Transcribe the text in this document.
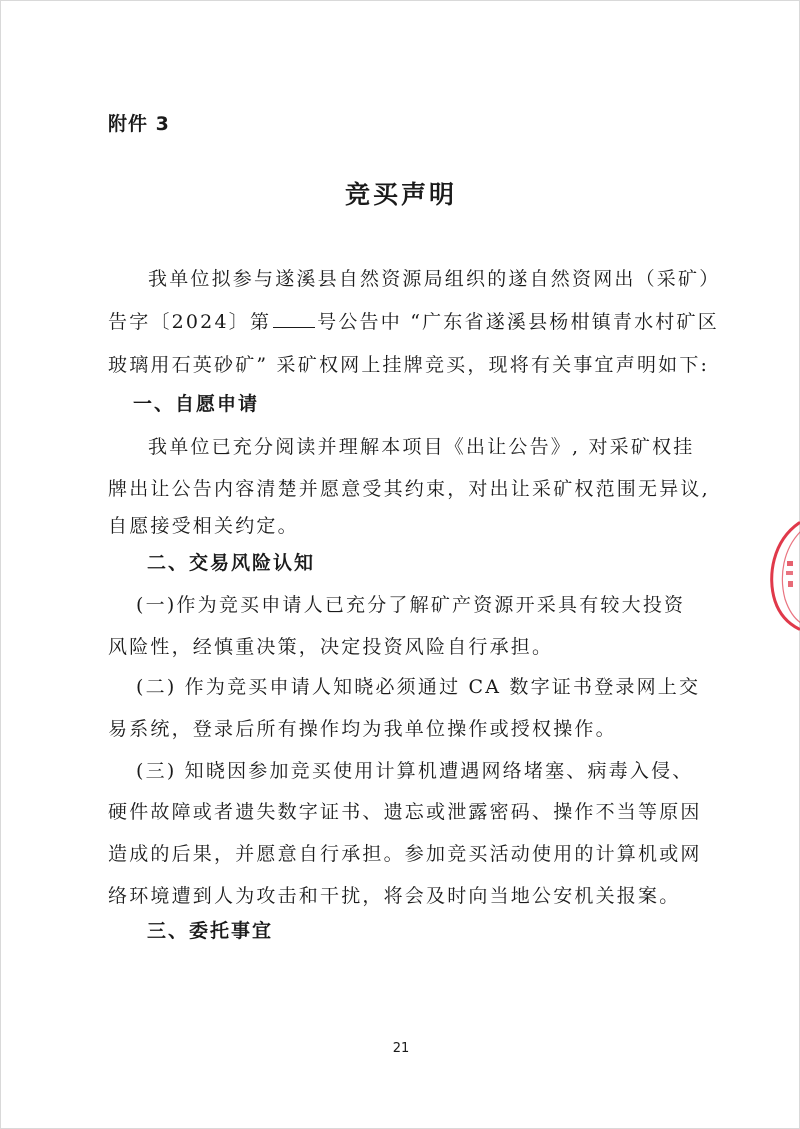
附件 3
竞买声明
我单位拟参与遂溪县自然资源局组织的遂自然资网出（采矿）
告字〔2024〕第 号公告中 “广东省遂溪县杨柑镇青水村矿区
玻璃用石英砂矿” 采矿权网上挂牌竞买，现将有关事宜声明如下:
一、自愿申请
我单位已充分阅读并理解本项目《出让公告》, 对采矿权挂
牌出让公告内容清楚并愿意受其约束，对出让采矿权范围无异议,
自愿接受相关约定。
二、交易风险认知
(一)作为竞买申请人已充分了解矿产资源开采具有较大投资
风险性，经慎重决策，决定投资风险自行承担。
(二) 作为竞买申请人知晓必须通过 CA 数字证书登录网上交
易系统，登录后所有操作均为我单位操作或授权操作。
(三) 知晓因参加竞买使用计算机遭遇网络堵塞、病毒入侵、
硬件故障或者遗失数字证书、遗忘或泄露密码、操作不当等原因
造成的后果，并愿意自行承担。参加竞买活动使用的计算机或网
络环境遭到人为攻击和干扰，将会及时向当地公安机关报案。
三、委托事宜
21
